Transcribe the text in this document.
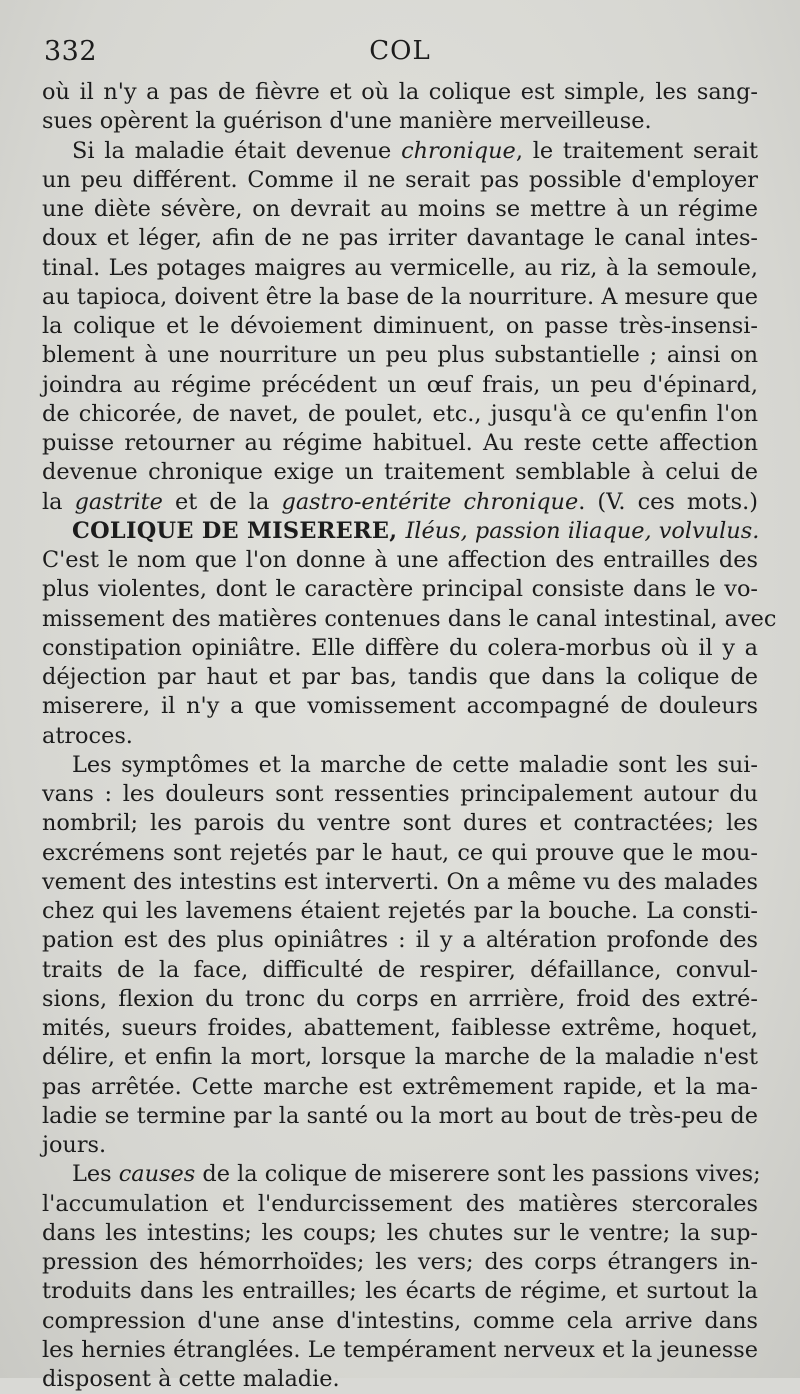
332	COL
où il n'y a pas de fièvre et où la colique est simple, les sang-
sues opèrent la guérison d'une manière merveilleuse.
Si la maladie était devenue chronique, le traitement serait
un peu différent. Comme il ne serait pas possible d'employer
une diète sévère, on devrait au moins se mettre à un régime
doux et léger, afin de ne pas irriter davantage le canal intes-
tinal. Les potages maigres au vermicelle, au riz, à la semoule,
au tapioca, doivent être la base de la nourriture. A mesure que
la colique et le dévoiement diminuent, on passe très-insensi-
blement à une nourriture un peu plus substantielle ; ainsi on
joindra au régime précédent un œuf frais, un peu d'épinard,
de chicorée, de navet, de poulet, etc., jusqu'à ce qu'enfin l'on
puisse retourner au régime habituel. Au reste cette affection
devenue chronique exige un traitement semblable à celui de
la gastrite et de la gastro-entérite chronique. (V. ces mots.)
COLIQUE DE MISERERE, Iléus, passion iliaque, volvulus.
C'est le nom que l'on donne à une affection des entrailles des
plus violentes, dont le caractère principal consiste dans le vo-
missement des matières contenues dans le canal intestinal, avec
constipation opiniâtre. Elle diffère du colera-morbus où il y a
déjection par haut et par bas, tandis que dans la colique de
miserere, il n'y a que vomissement accompagné de douleurs
atroces.
Les symptômes et la marche de cette maladie sont les sui-
vans : les douleurs sont ressenties principalement autour du
nombril; les parois du ventre sont dures et contractées; les
excrémens sont rejetés par le haut, ce qui prouve que le mou-
vement des intestins est interverti. On a même vu des malades
chez qui les lavemens étaient rejetés par la bouche. La consti-
pation est des plus opiniâtres : il y a altération profonde des
traits de la face, difficulté de respirer, défaillance, convul-
sions, flexion du tronc du corps en arrrière, froid des extré-
mités, sueurs froides, abattement, faiblesse extrême, hoquet,
délire, et enfin la mort, lorsque la marche de la maladie n'est
pas arrêtée. Cette marche est extrêmement rapide, et la ma-
ladie se termine par la santé ou la mort au bout de très-peu de
jours.
Les causes de la colique de miserere sont les passions vives;
l'accumulation et l'endurcissement des matières stercorales
dans les intestins; les coups; les chutes sur le ventre; la sup-
pression des hémorrhoïdes; les vers; des corps étrangers in-
troduits dans les entrailles; les écarts de régime, et surtout la
compression d'une anse d'intestins, comme cela arrive dans
les hernies étranglées. Le tempérament nerveux et la jeunesse
disposent à cette maladie.
